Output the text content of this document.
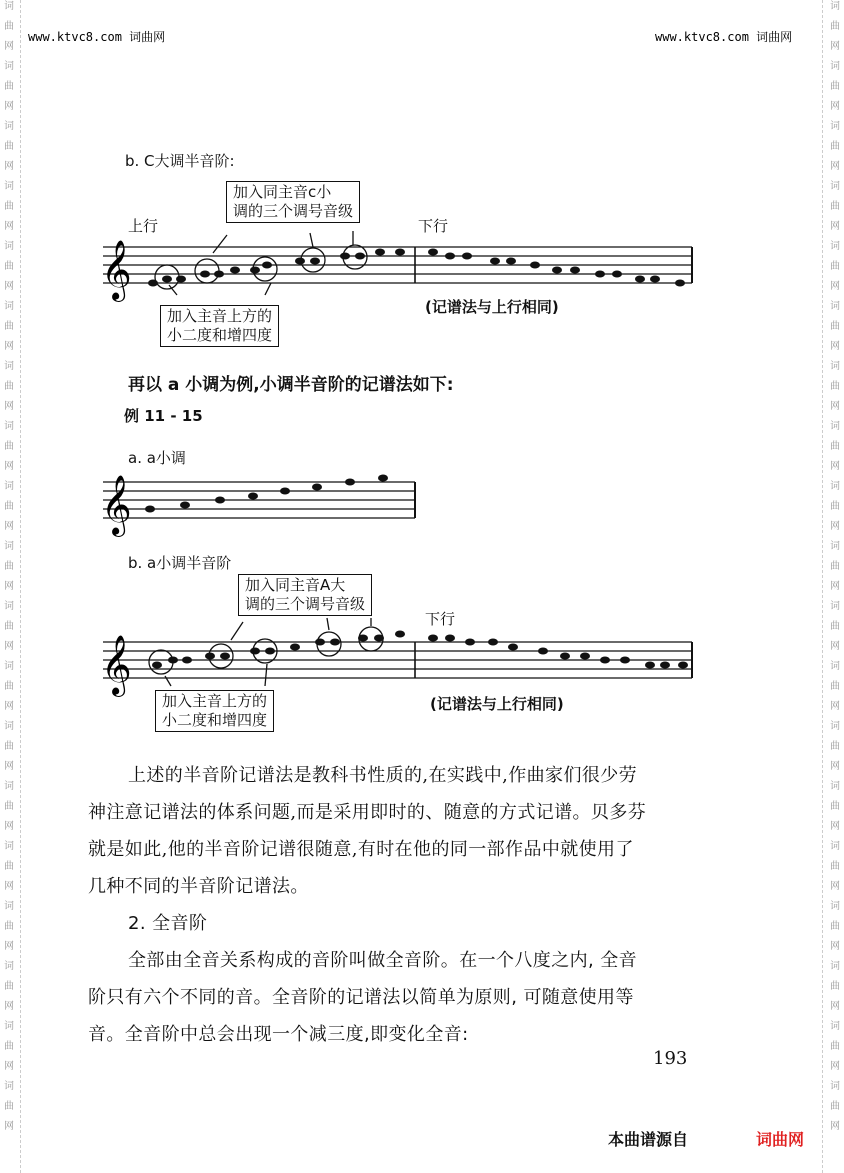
词
曲
网
词
曲
网
词
曲
网
词
曲
网
词
曲
网
词
曲
网
词
曲
网
词
曲
网
词
曲
网
词
曲
网
词
曲
网
词
曲
网
词
曲
网
词
曲
网
词
曲
网
词
曲
网
词
曲
网
词
曲
网
词
曲
网
词
曲
网
词
曲
网
词
曲
网
词
曲
网
词
曲
网
词
曲
网
词
曲
网
词
曲
网
词
曲
网
词
曲
网
词
曲
网
词
曲
网
词
曲
网
词
曲
网
词
曲
网
词
曲
网
词
曲
网
词
曲
网
词
曲
网
www.ktvc8.com 词曲网	www.ktvc8.com 词曲网
b. C大调半音阶:
加入同主音c小
调的三个调号音级
上行	下行
𝄞
加入主音上方的
小二度和增四度
(记谱法与上行相同)
再以 a 小调为例,小调半音阶的记谱法如下:
例 11 - 15
a. a小调
𝄞
b. a小调半音阶
加入同主音A大
调的三个调号音级
下行
𝄞
加入主音上方的
小二度和增四度
(记谱法与上行相同)
上述的半音阶记谱法是教科书性质的,在实践中,作曲家们很少劳
神注意记谱法的体系问题,而是采用即时的、随意的方式记谱。贝多芬
就是如此,他的半音阶记谱很随意,有时在他的同一部作品中就使用了
几种不同的半音阶记谱法。
2. 全音阶
全部由全音关系构成的音阶叫做全音阶。在一个八度之内, 全音
阶只有六个不同的音。全音阶的记谱法以简单为原则, 可随意使用等
音。全音阶中总会出现一个减三度,即变化全音:
193
本曲谱源自	词曲网
